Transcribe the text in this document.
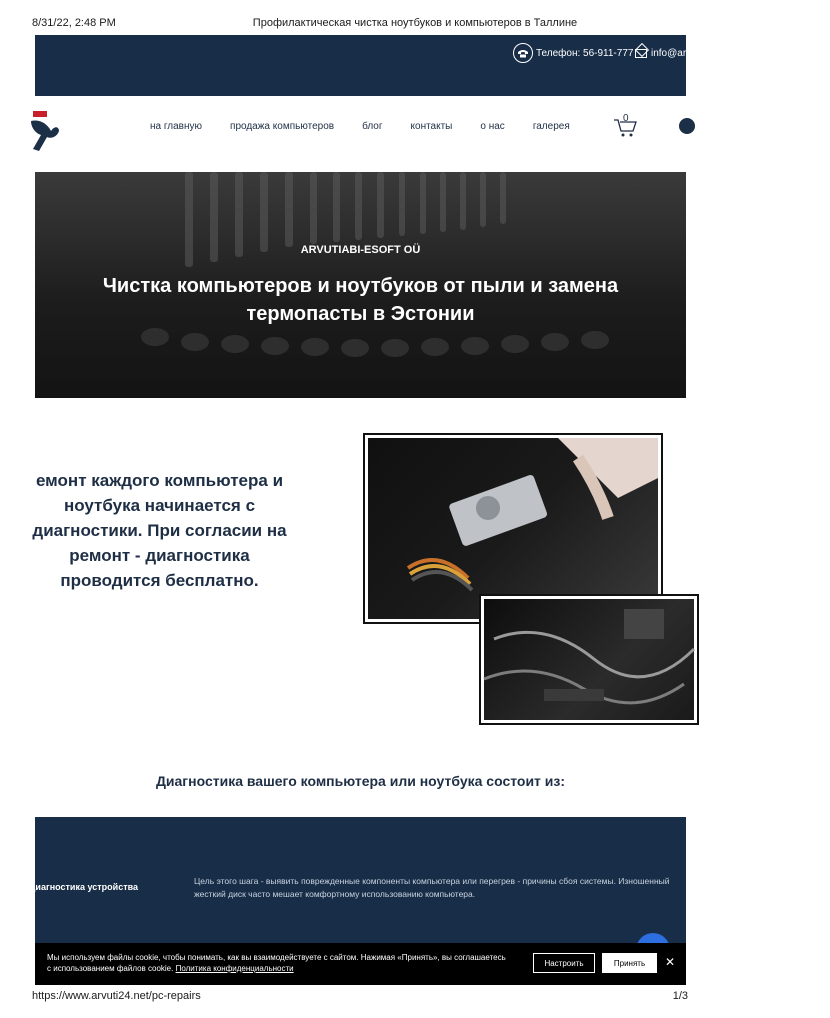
8/31/22, 2:48 PM	Профилактическая чистка ноутбуков и компьютеров в Таллине
Телефон: 56-911-777 info@arv
на главную	продажа компьютеров	блог	контакты	о нас	галерея
0
ARVUTIABI-ESOFT OÜ
Чистка компьютеров и ноутбуков от пыли и замена термопасты в Эстонии
емонт каждого компьютера и ноутбука начинается с диагностики. При согласии на ремонт - диагностика проводится бесплатно.
Диагностика вашего компьютера или ноутбука состоит из:
Диагностика устройства
Цель этого шага - выявить поврежденные компоненты компьютера или перегрев - причины сбоя системы. Изношенный жесткий диск часто мешает комфортному использованию компьютера.
Мы используем файлы cookie, чтобы понимать, как вы взаимодействуете с сайтом. Нажимая «Принять», вы соглашаетесь с использованием файлов cookie. Политика конфиденциальности
Настроить	Принять	✕
https://www.arvuti24.net/pc-repairs	1/3
